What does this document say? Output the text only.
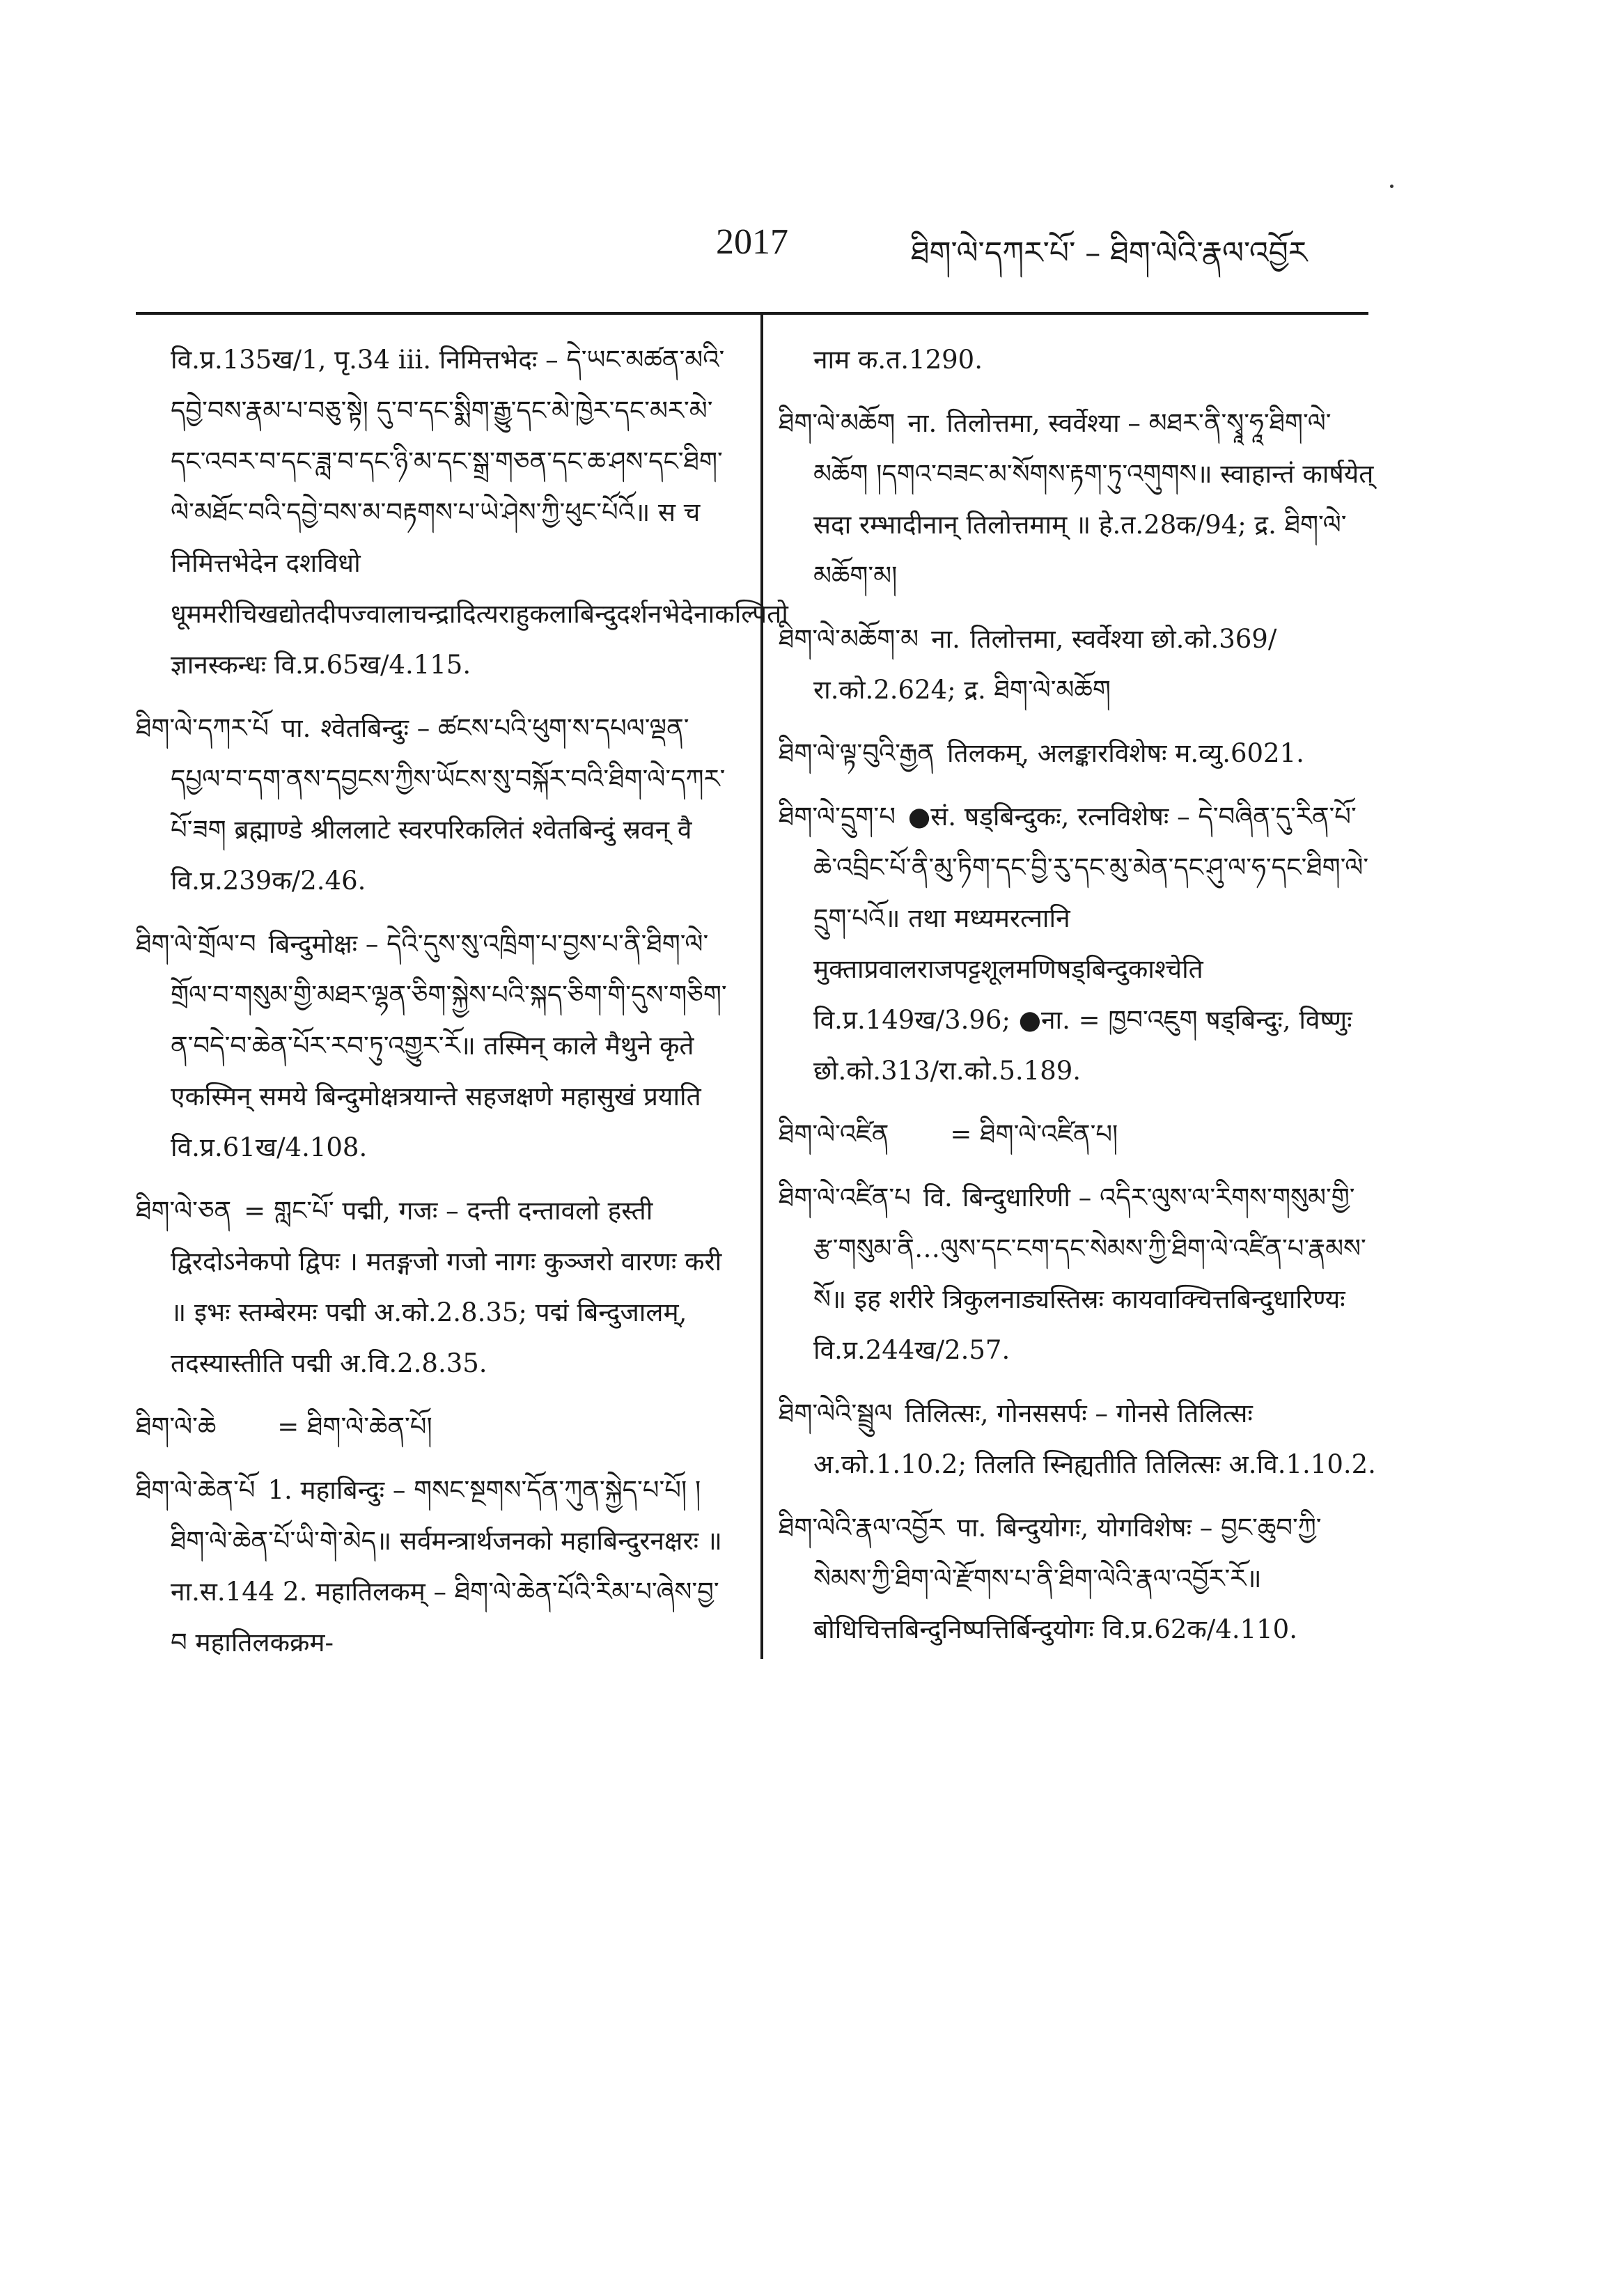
2017	ཐིག་ལེ་དཀར་པོ་ – ཐིག་ལེའི་རྣལ་འབྱོར

वि.प्र.135ख/1, पृ.34 iii. निमित्तभेदः – དེ་ཡང་མཚན་མའི་དབྱེ་བས་རྣམ་པ་བཅུ་སྟེ། དུ་བ་དང་སྨིག་རྒྱུ་དང་མེ་ཁྱེར་དང་མར་མེ་དང་འབར་བ་དང་ཟླ་བ་དང་ཉི་མ་དང་སྒྲ་གཅན་དང་ཆ་ཤས་དང་ཐིག་ལེ་མཐོང་བའི་དབྱེ་བས་མ་བརྟགས་པ་ཡེ་ཤེས་ཀྱི་ཕུང་པོའོ॥ स च निमित्तभेदेन दशविधो धूममरीचिखद्योतदीपज्वालाचन्द्रादित्यराहुकलाबिन्दुदर्शनभेदेनाकल्पितो ज्ञानस्कन्धः वि.प्र.65ख/4.115.

ཐིག་ལེ་དཀར་པོ पा. श्वेतबिन्दुः – ཚངས་པའི་ཕུག་ས་དཔལ་ལྡན་དཔྱལ་བ་དག་ནས་དབྱངས་ཀྱིས་ཡོངས་སུ་བསྐོར་བའི་ཐིག་ལེ་དཀར་པོ་ཟག ब्रह्माण्डे श्रीललाटे स्वरपरिकलितं श्वेतबिन्दुं स्रवन् वै वि.प्र.239क/2.46.

ཐིག་ལེ་གྲོལ་བ बिन्दुमोक्षः – དེའི་དུས་སུ་འཁྲིག་པ་བྱས་པ་ནི་ཐིག་ལེ་གྲོལ་བ་གསུམ་གྱི་མཐར་ལྷན་ཅིག་སྐྱེས་པའི་སྐད་ཅིག་གི་དུས་གཅིག་ན་བདེ་བ་ཆེན་པོར་རབ་ཏུ་འགྱུར་རོ॥ तस्मिन् काले मैथुने कृते एकस्मिन् समये बिन्दुमोक्षत्रयान्ते सहजक्षणे महासुखं प्रयाति वि.प्र.61ख/4.108.

ཐིག་ལེ་ཅན = གླང་པོ་ पद्मी, गजः – दन्ती दन्तावलो हस्ती द्विरदोऽनेकपो द्विपः । मतङ्गजो गजो नागः कुञ्जरो वारणः करी ॥ इभः स्तम्बेरमः पद्मी अ.को.2.8.35; पद्मं बिन्दुजालम्, तदस्यास्तीति पद्मी अ.वि.2.8.35.

ཐིག་ལེ་ཆེ = ཐིག་ལེ་ཆེན་པོ།

ཐིག་ལེ་ཆེན་པོ 1. महाबिन्दुः – གསང་སྔགས་དོན་ཀུན་སྐྱེད་པ་པོ། །ཐིག་ལེ་ཆེན་པོ་ཡི་གེ་མེད॥ सर्वमन्त्रार्थजनको महाबिन्दुरनक्षरः ॥ ना.स.144 2. महातिलकम् – ཐིག་ལེ་ཆེན་པོའི་རིམ་པ་ཞེས་བྱ་བ महातिलकक्रम-

नाम क.त.1290.

ཐིག་ལེ་མཆོག ना. तिलोत्तमा, स्वर्वेश्या – མཐར་ནི་སྭཱ་ཧཱ་ཐིག་ལེ་མཆོག །དགའ་བཟང་མ་སོགས་རྟག་ཏུ་འགུགས॥ स्वाहान्तं कार्षयेत् सदा रम्भादीनान् तिलोत्तमाम् ॥ हे.त.28क/94; द्र. ཐིག་ལེ་མཆོག་མ།

ཐིག་ལེ་མཆོག་མ ना. तिलोत्तमा, स्वर्वेश्या छो.को.369/रा.को.2.624; द्र. ཐིག་ལེ་མཆོག

ཐིག་ལེ་ལྟ་བུའི་རྒྱན तिलकम्, अलङ्कारविशेषः म.व्यु.6021.

ཐིག་ལེ་དྲུག་པ ●सं. षड्बिन्दुकः, रत्नविशेषः – དེ་བཞིན་དུ་རིན་པོ་ཆེ་འབྲིང་པོ་ནི་མུ་ཏིག་དང་བྱི་རུ་དང་མུ་མེན་དང་ཤུ་ལ་ཧ་དང་ཐིག་ལེ་དྲུག་པའོ॥ तथा मध्यमरत्नानि मुक्ताप्रवालराजपट्टशूलमणिषड्बिन्दुकाश्चेति वि.प्र.149ख/3.96; ●ना. = ཁྱབ་འཇུག षड्बिन्दुः, विष्णुः छो.को.313/रा.को.5.189.

ཐིག་ལེ་འཛིན = ཐིག་ལེ་འཛིན་པ།

ཐིག་ལེ་འཛིན་པ वि. बिन्दुधारिणी – འདིར་ལུས་ལ་རིགས་གསུམ་གྱི་རྩ་གསུམ་ནི…ལུས་དང་ངག་དང་སེམས་ཀྱི་ཐིག་ལེ་འཛིན་པ་རྣམས་སོ॥ इह शरीरे त्रिकुलनाड्यस्तिस्रः कायवाक्चित्तबिन्दुधारिण्यः वि.प्र.244ख/2.57.

ཐིག་ལེའི་སྦྲུལ तिलित्सः, गोनससर्पः – गोनसे तिलित्सः अ.को.1.10.2; तिलति स्निह्यतीति तिलित्सः अ.वि.1.10.2.

ཐིག་ལེའི་རྣལ་འབྱོར पा. बिन्दुयोगः, योगविशेषः – བྱང་ཆུབ་ཀྱི་སེམས་ཀྱི་ཐིག་ལེ་རྫོགས་པ་ནི་ཐིག་ལེའི་རྣལ་འབྱོར་རོ॥ बोधिचित्तबिन्दुनिष्पत्तिर्बिन्दुयोगः वि.प्र.62क/4.110.
